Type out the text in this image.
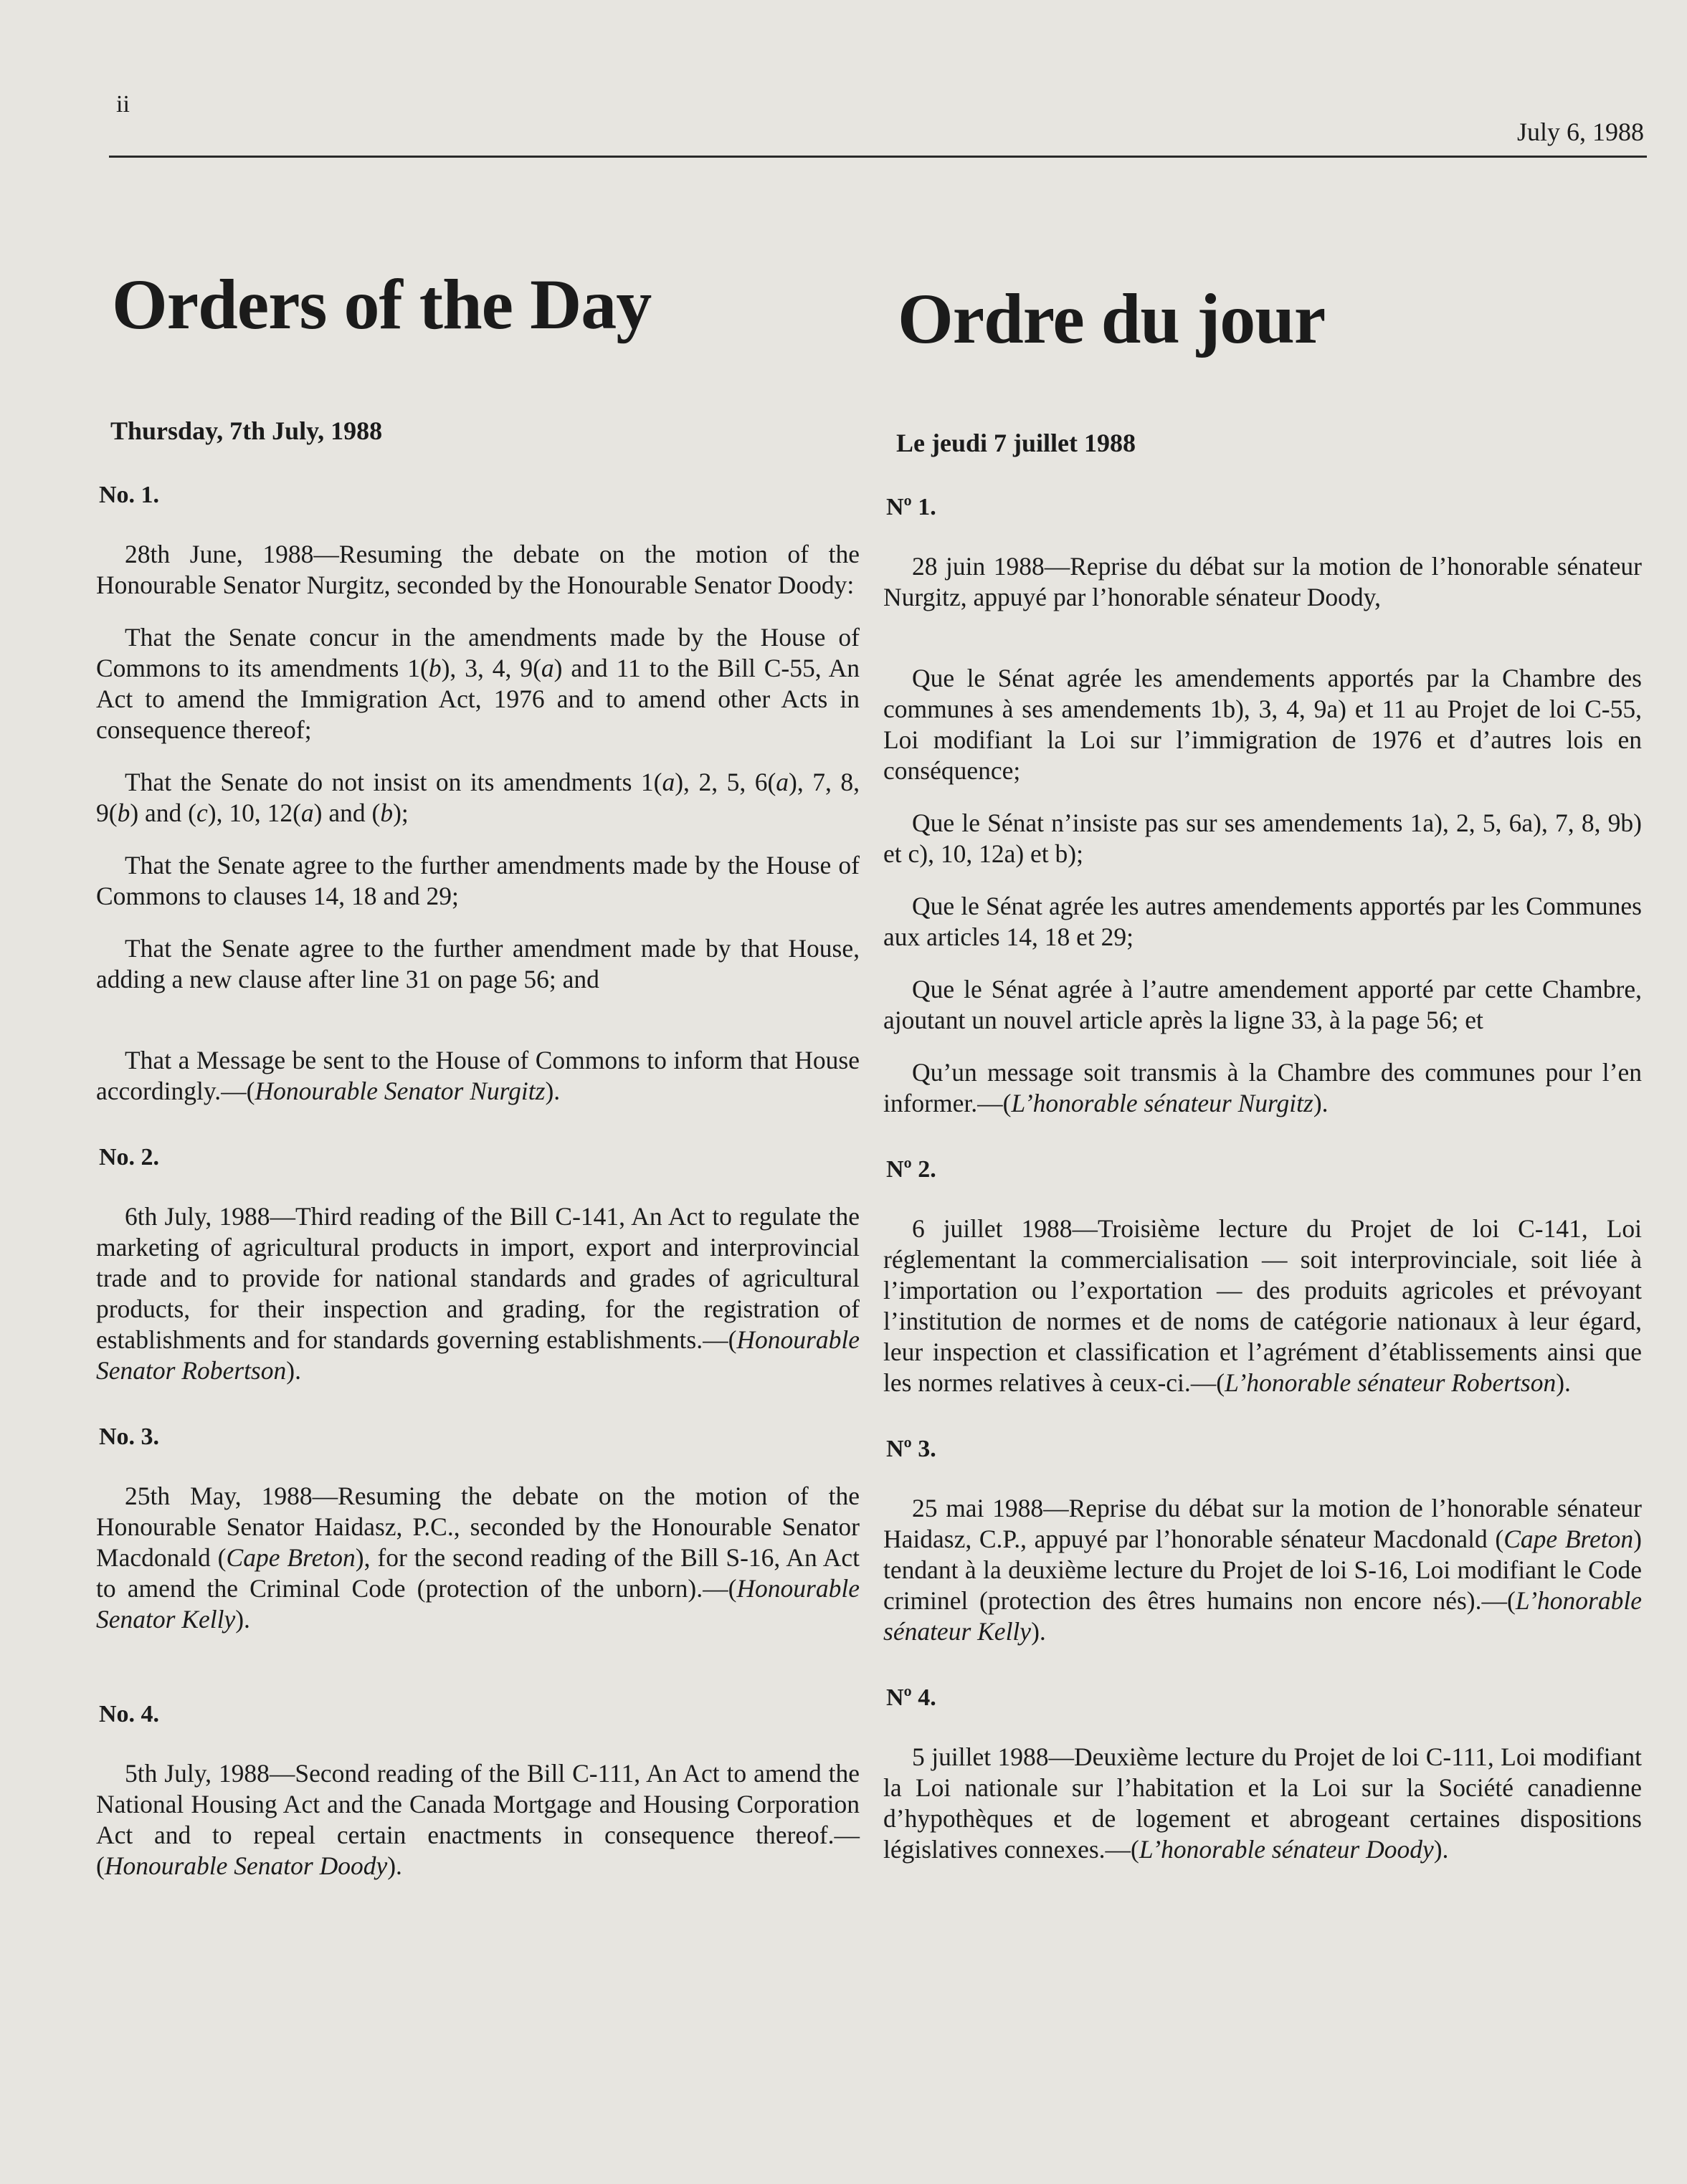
ii
July 6, 1988
Orders of the Day

Thursday, 7th July, 1988

No. 1.

28th June, 1988—Resuming the debate on the motion of the Honourable Senator Nurgitz, seconded by the Honourable Senator Doody:

That the Senate concur in the amendments made by the House of Commons to its amendments 1(b), 3, 4, 9(a) and 11 to the Bill C-55, An Act to amend the Immigration Act, 1976 and to amend other Acts in consequence thereof;

That the Senate do not insist on its amendments 1(a), 2, 5, 6(a), 7, 8, 9(b) and (c), 10, 12(a) and (b);

That the Senate agree to the further amendments made by the House of Commons to clauses 14, 18 and 29;

That the Senate agree to the further amendment made by that House, adding a new clause after line 31 on page 56; and

That a Message be sent to the House of Commons to inform that House accordingly.—(Honourable Senator Nurgitz).

No. 2.

6th July, 1988—Third reading of the Bill C-141, An Act to regulate the marketing of agricultural products in import, export and interprovincial trade and to provide for national standards and grades of agricultural products, for their inspection and grading, for the registration of establishments and for standards governing establishments.—(Honourable Senator Robertson).

No. 3.

25th May, 1988—Resuming the debate on the motion of the Honourable Senator Haidasz, P.C., seconded by the Honourable Senator Macdonald (Cape Breton), for the second reading of the Bill S-16, An Act to amend the Criminal Code (protection of the unborn).—(Honourable Senator Kelly).

No. 4.

5th July, 1988—Second reading of the Bill C-111, An Act to amend the National Housing Act and the Canada Mortgage and Housing Corporation Act and to repeal certain enactments in consequence thereof.—(Honourable Senator Doody).

Ordre du jour

Le jeudi 7 juillet 1988

Nº 1.

28 juin 1988—Reprise du débat sur la motion de l’honorable sénateur Nurgitz, appuyé par l’honorable sénateur Doody,

Que le Sénat agrée les amendements apportés par la Chambre des communes à ses amendements 1b), 3, 4, 9a) et 11 au Projet de loi C-55, Loi modifiant la Loi sur l’immigration de 1976 et d’autres lois en conséquence;

Que le Sénat n’insiste pas sur ses amendements 1a), 2, 5, 6a), 7, 8, 9b) et c), 10, 12a) et b);

Que le Sénat agrée les autres amendements apportés par les Communes aux articles 14, 18 et 29;

Que le Sénat agrée à l’autre amendement apporté par cette Chambre, ajoutant un nouvel article après la ligne 33, à la page 56; et

Qu’un message soit transmis à la Chambre des communes pour l’en informer.—(L’honorable sénateur Nurgitz).

Nº 2.

6 juillet 1988—Troisième lecture du Projet de loi C-141, Loi réglementant la commercialisation — soit interprovinciale, soit liée à l’importation ou l’exportation — des produits agricoles et prévoyant l’institution de normes et de noms de catégorie nationaux à leur égard, leur inspection et classification et l’agrément d’établissements ainsi que les normes relatives à ceux-ci.—(L’honorable sénateur Robertson).

Nº 3.

25 mai 1988—Reprise du débat sur la motion de l’honorable sénateur Haidasz, C.P., appuyé par l’honorable sénateur Macdonald (Cape Breton) tendant à la deuxième lecture du Projet de loi S-16, Loi modifiant le Code criminel (protection des êtres humains non encore nés).—(L’honorable sénateur Kelly).

Nº 4.

5 juillet 1988—Deuxième lecture du Projet de loi C-111, Loi modifiant la Loi nationale sur l’habitation et la Loi sur la Société canadienne d’hypothèques et de logement et abrogeant certaines dispositions législatives connexes.—(L’honorable sénateur Doody).
